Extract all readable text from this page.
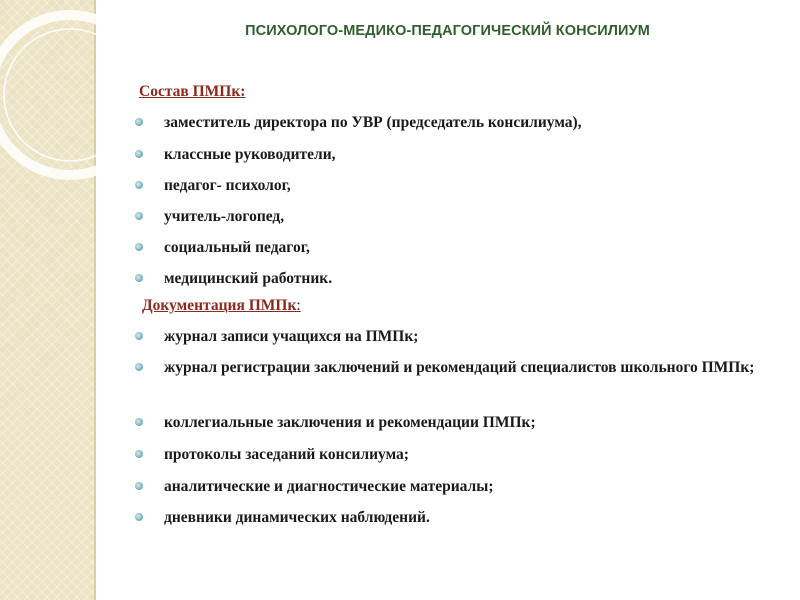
ПСИХОЛОГО-МЕДИКО-ПЕДАГОГИЧЕСКИЙ КОНСИЛИУМ
Состав ПМПк:
заместитель директора по УВР (председатель консилиума),
классные руководители,
педагог- психолог,
учитель-логопед,
социальный педагог,
медицинский работник.
Документация ПМПк:
журнал записи учащихся на ПМПк;
журнал регистрации заключений и рекомендаций специалистов школьного ПМПк;
коллегиальные заключения и рекомендации ПМПк;
протоколы заседаний консилиума;
аналитические и диагностические материалы;
дневники динамических наблюдений.
